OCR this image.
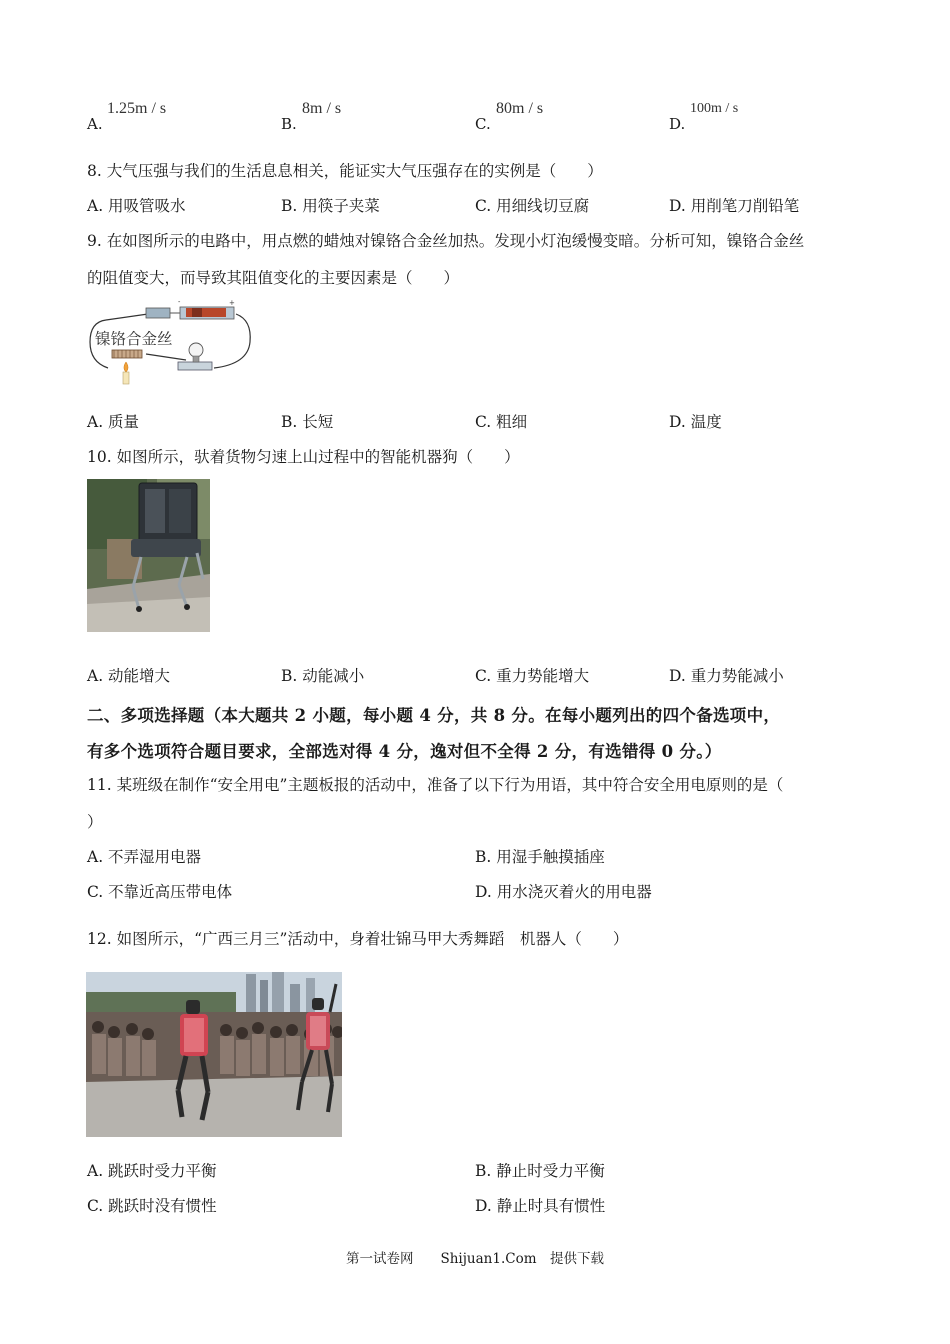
A.
1.25m / s
B.
8m / s
C.
80m / s
D.
100m / s
8. 大气压强与我们的生活息息相关，能证实大气压强存在的实例是（　　）
A. 用吸管吸水	B. 用筷子夹菜	C. 用细线切豆腐	D. 用削笔刀削铅笔
9. 在如图所示的电路中，用点燃的蜡烛对镍铬合金丝加热。发现小灯泡缓慢变暗。分析可知，镍铬合金丝
的阻值变大，而导致其阻值变化的主要因素是（　　）
-	+
镍铬合金丝
A. 质量	B. 长短	C. 粗细	D. 温度
10. 如图所示，驮着货物匀速上山过程中的智能机器狗（　　）
A. 动能增大	B. 动能减小	C. 重力势能增大	D. 重力势能减小
二、多项选择题（本大题共 2 小题，每小题 4 分，共 8 分。在每小题列出的四个备选项中，
有多个选项符合题目要求，全部选对得 4 分，逸对但不全得 2 分，有选错得 0 分。）
11. 某班级在制作“安全用电”主题板报的活动中，准备了以下行为用语，其中符合安全用电原则的是（
）
A. 不弄湿用电器	B. 用湿手触摸插座
C. 不靠近高压带电体	D. 用水浇灭着火的用电器
12. 如图所示，“广西三月三”活动中，身着壮锦马甲大秀舞蹈　机器人（　　）
A. 跳跃时受力平衡	B. 静止时受力平衡
C. 跳跃时没有惯性	D. 静止时具有惯性
第一试卷网　　Shijuan1.Com　提供下载
